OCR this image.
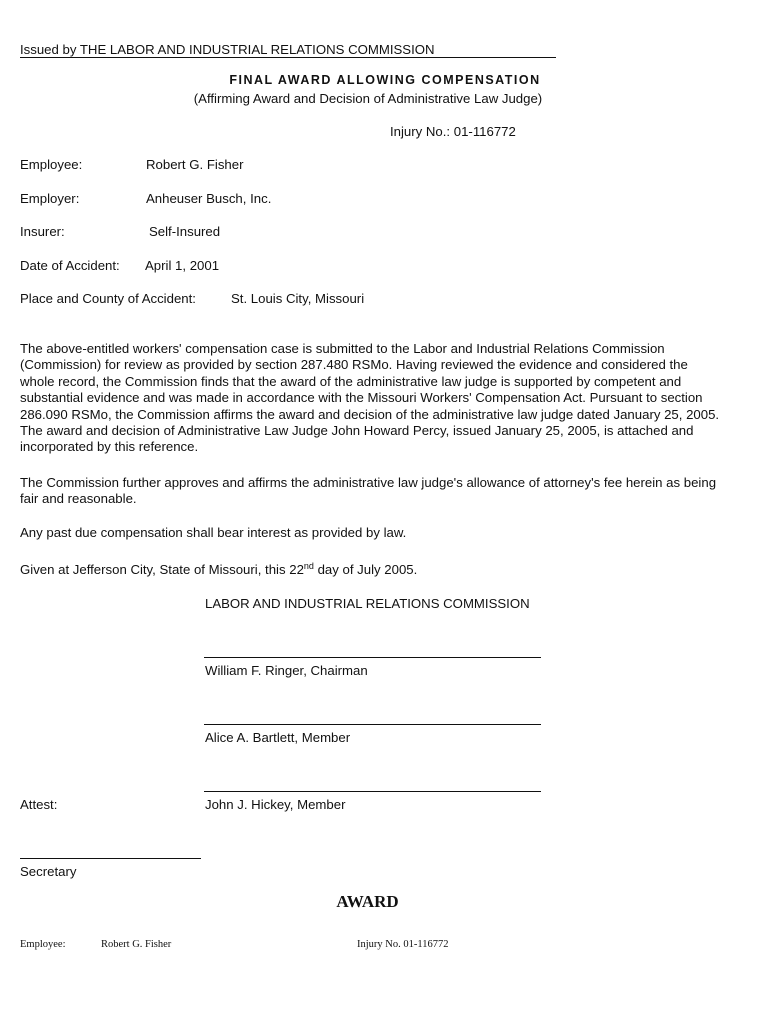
Issued by THE LABOR AND INDUSTRIAL RELATIONS COMMISSION
FINAL AWARD ALLOWING COMPENSATION
(Affirming Award and Decision of Administrative Law Judge)
Injury No.: 01-116772
Employee:	Robert G. Fisher
Employer:	Anheuser Busch, Inc.
Insurer:	Self-Insured
Date of Accident: April 1, 2001
Place and County of Accident:	St. Louis City, Missouri
The above-entitled workers' compensation case is submitted to the Labor and Industrial Relations Commission (Commission) for review as provided by section 287.480 RSMo. Having reviewed the evidence and considered the whole record, the Commission finds that the award of the administrative law judge is supported by competent and substantial evidence and was made in accordance with the Missouri Workers' Compensation Act. Pursuant to section 286.090 RSMo, the Commission affirms the award and decision of the administrative law judge dated January 25, 2005. The award and decision of Administrative Law Judge John Howard Percy, issued January 25, 2005, is attached and incorporated by this reference.
The Commission further approves and affirms the administrative law judge's allowance of attorney's fee herein as being fair and reasonable.
Any past due compensation shall bear interest as provided by law.
Given at Jefferson City, State of Missouri, this 22nd day of July 2005.
LABOR AND INDUSTRIAL RELATIONS COMMISSION
William F. Ringer, Chairman
Alice A. Bartlett, Member
Attest:	John J. Hickey, Member
Secretary
AWARD
Employee:	Robert G. Fisher	Injury No. 01-116772
